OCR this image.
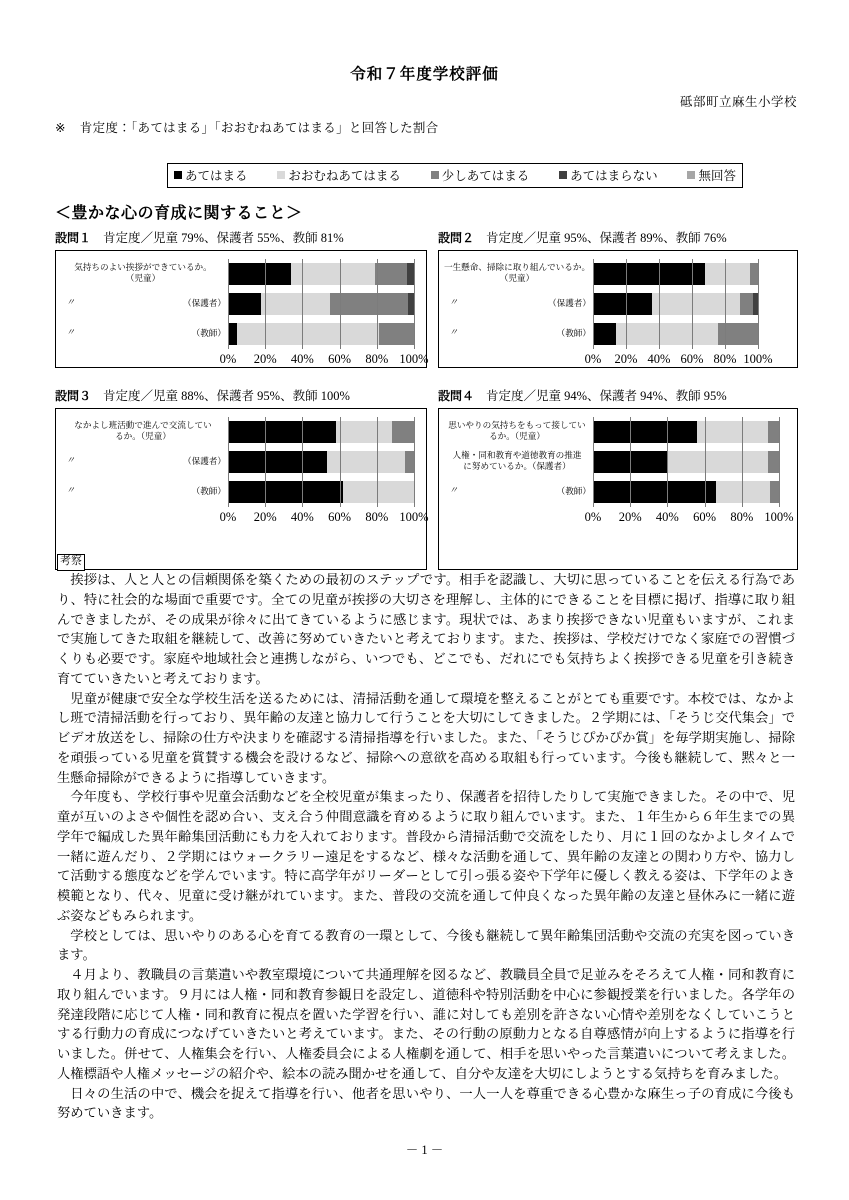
令和７年度学校評価
砥部町立麻生小学校
※ 肯定度：「あてはまる」「おおむねあてはまる」と回答した割合
あてはまる	おおむねあてはまる	少しあてはまる	あてはまらない	無回答
＜豊かな心の育成に関すること＞
設問１ 肯定度／児童 79%、保護者 55%、教師 81%
気持ちのよい挨拶ができているか。
（児童）
〃	（保護者）
〃	（教師）
0% 20% 40% 60% 80% 100%
設問２ 肯定度／児童 95%、保護者 89%、教師 76%
一生懸命、掃除に取り組んでいるか。
（児童）
〃	（保護者）
〃	（教師）
0% 20% 40% 60% 80% 100%
設問３ 肯定度／児童 88%、保護者 95%、教師 100%
なかよし班活動で進んで交流してい
るか。（児童）
〃	（保護者）
〃	（教師）
0% 20% 40% 60% 80% 100%
設問４ 肯定度／児童 94%、保護者 94%、教師 95%
思いやりの気持ちをもって接してい
るか。（児童）
人権・同和教育や道徳教育の推進
に努めているか。（保護者）
〃	（教師）
0% 20% 40% 60% 80% 100%
考察

挨拶は、人と人との信頼関係を築くための最初のステップです。相手を認識し、大切に思っていることを伝える行為であり、特に社会的な場面で重要です。全ての児童が挨拶の大切さを理解し、主体的にできることを目標に掲げ、指導に取り組んできましたが、その成果が徐々に出てきているように感じます。現状では、あまり挨拶できない児童もいますが、これまで実施してきた取組を継続して、改善に努めていきたいと考えております。また、挨拶は、学校だけでなく家庭での習慣づくりも必要です。家庭や地域社会と連携しながら、いつでも、どこでも、だれにでも気持ちよく挨拶できる児童を引き続き育てていきたいと考えております。

児童が健康で安全な学校生活を送るためには、清掃活動を通して環境を整えることがとても重要です。本校では、なかよし班で清掃活動を行っており、異年齢の友達と協力して行うことを大切にしてきました。２学期には、「そうじ交代集会」でビデオ放送をし、掃除の仕方や決まりを確認する清掃指導を行いました。また、「そうじぴかぴか賞」を毎学期実施し、掃除を頑張っている児童を賞賛する機会を設けるなど、掃除への意欲を高める取組も行っています。今後も継続して、黙々と一生懸命掃除ができるように指導していきます。

今年度も、学校行事や児童会活動などを全校児童が集まったり、保護者を招待したりして実施できました。その中で、児童が互いのよさや個性を認め合い、支え合う仲間意識を育めるように取り組んでいます。また、１年生から６年生までの異学年で編成した異年齢集団活動にも力を入れております。普段から清掃活動で交流をしたり、月に１回のなかよしタイムで一緒に遊んだり、２学期にはウォークラリー遠足をするなど、様々な活動を通して、異年齢の友達との関わり方や、協力して活動する態度などを学んでいます。特に高学年がリーダーとして引っ張る姿や下学年に優しく教える姿は、下学年のよき模範となり、代々、児童に受け継がれています。また、普段の交流を通して仲良くなった異年齢の友達と昼休みに一緒に遊ぶ姿などもみられます。

学校としては、思いやりのある心を育てる教育の一環として、今後も継続して異年齢集団活動や交流の充実を図っていきます。

４月より、教職員の言葉遣いや教室環境について共通理解を図るなど、教職員全員で足並みをそろえて人権・同和教育に取り組んでいます。９月には人権・同和教育参観日を設定し、道徳科や特別活動を中心に参観授業を行いました。各学年の発達段階に応じて人権・同和教育に視点を置いた学習を行い、誰に対しても差別を許さない心情や差別をなくしていこうとする行動力の育成につなげていきたいと考えています。また、その行動の原動力となる自尊感情が向上するように指導を行いました。併せて、人権集会を行い、人権委員会による人権劇を通して、相手を思いやった言葉遣いについて考えました。人権標語や人権メッセージの紹介や、絵本の読み聞かせを通して、自分や友達を大切にしようとする気持ちを育みました。

日々の生活の中で、機会を捉えて指導を行い、他者を思いやり、一人一人を尊重できる心豊かな麻生っ子の育成に今後も努めていきます。

－ 1 －
